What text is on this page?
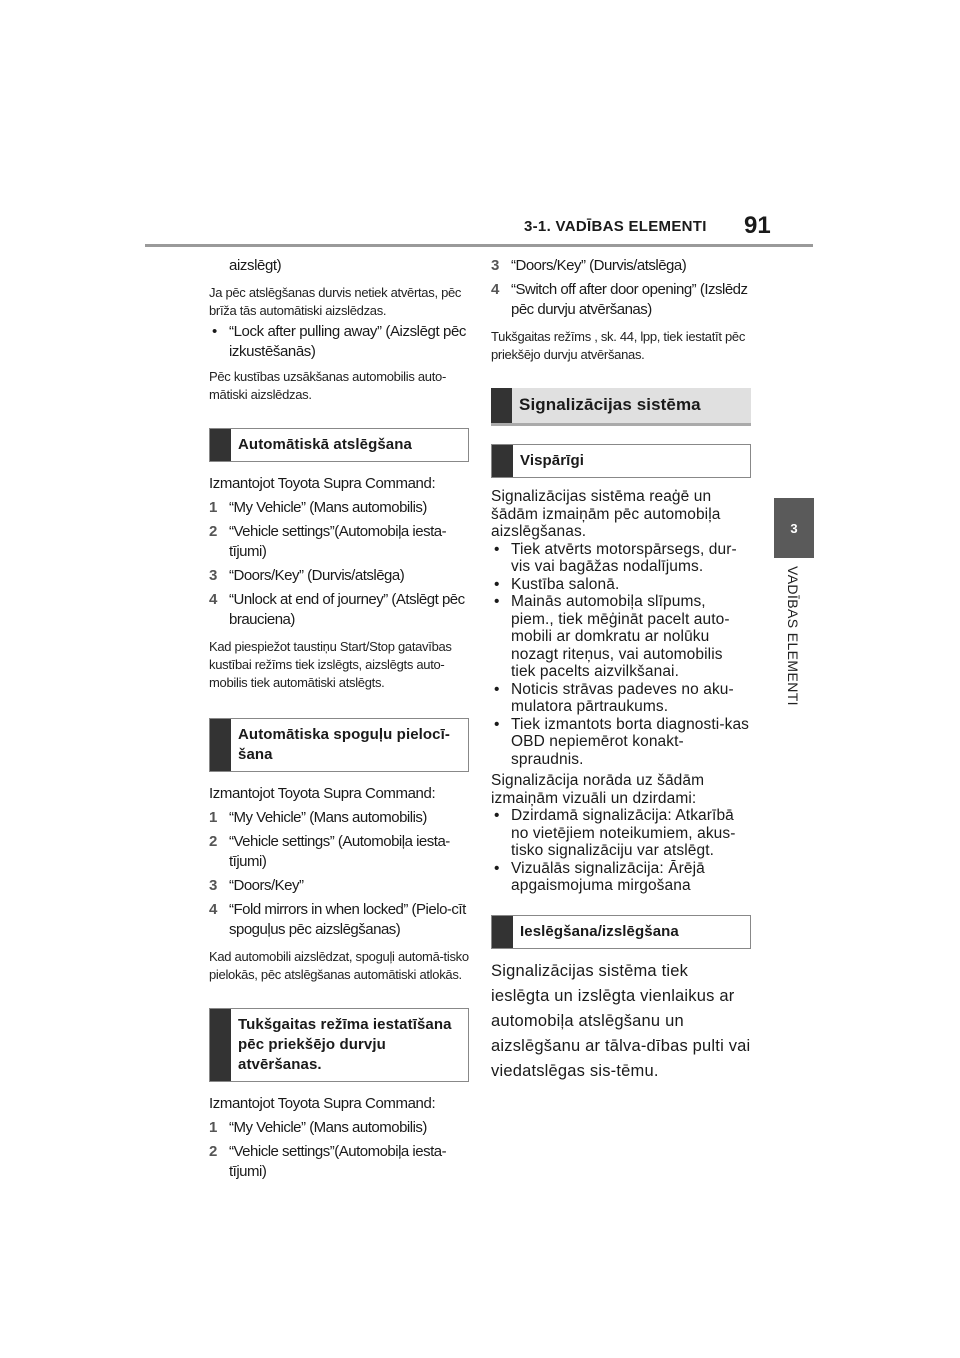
3-1. VADĪBAS ELEMENTI 91
3
VADĪBAS ELEMENTI

aizslēgt)

Ja pēc atslēgšanas durvis netiek atvērtas, pēc brīža tās automātiski aizslēdzas.

• “Lock after pulling away” (Aizslēgt pēc izkustēšanās)

Pēc kustības uzsākšanas automobilis auto-mātiski aizslēdzas.

Automātiskā atslēgšana

Izmantojot Toyota Supra Command:

1 “My Vehicle” (Mans automobilis)
2 “Vehicle settings”(Automobiļa iesta-tījumi)
3 “Doors/Key” (Durvis/atslēga)
4 “Unlock at end of journey” (Atslēgt pēc brauciena)

Kad piespiežot taustiņu Start/Stop gatavības kustībai režīms tiek izslēgts, aizslēgts auto-mobilis tiek automātiski atslēgts.

Automātiska spoguļu pielocī-šana

Izmantojot Toyota Supra Command:

1 “My Vehicle” (Mans automobilis)
2 “Vehicle settings” (Automobiļa iesta-tījumi)
3 “Doors/Key”
4 “Fold mirrors in when locked” (Pielo-cīt spoguļus pēc aizslēgšanas)

Kad automobili aizslēdzat, spoguļi automā-tisko pielokās, pēc atslēgšanas automātiski atlokās.

Tukšgaitas režīma iestatīšana pēc priekšējo durvju atvēršanas.

Izmantojot Toyota Supra Command:

1 “My Vehicle” (Mans automobilis)
2 “Vehicle settings”(Automobiļa iesta-tījumi)
3 “Doors/Key” (Durvis/atslēga)
4 “Switch off after door opening” (Izslēdz pēc durvju atvēršanas)

Tukšgaitas režīms , sk. 44, lpp, tiek iestatīt pēc priekšējo durvju atvēršanas.

Signalizācijas sistēma
Vispārīgi

Signalizācijas sistēma reaģē un šādām izmaiņām pēc automobiļa aizslēgšanas.

• Tiek atvērts motorspārsegs, dur-vis vai bagāžas nodalījums.
• Kustība salonā.
• Mainās automobiļa slīpums, piem., tiek mēģināt pacelt auto-mobili ar domkratu ar nolūku nozagt riteņus, vai automobilis tiek pacelts aizvilkšanai.
• Noticis strāvas padeves no aku-mulatora pārtraukums.
• Tiek izmantots borta diagnosti-kas OBD nepiemērot konakt-spraudnis.

Signalizācija norāda uz šādām izmaiņām vizuāli un dzirdami:

• Dzirdamā signalizācija: Atkarībā no vietējiem noteikumiem, akus-tisko signalizāciju var atslēgt.
• Vizuālās signalizācija: Ārējā apgaismojuma mirgošana
Ieslēgšana/izslēgšana

Signalizācijas sistēma tiek ieslēgta un izslēgta vienlaikus ar automobiļa atslēgšanu un aizslēgšanu ar tālva-dības pulti vai viedatslēgas sis-tēmu.
